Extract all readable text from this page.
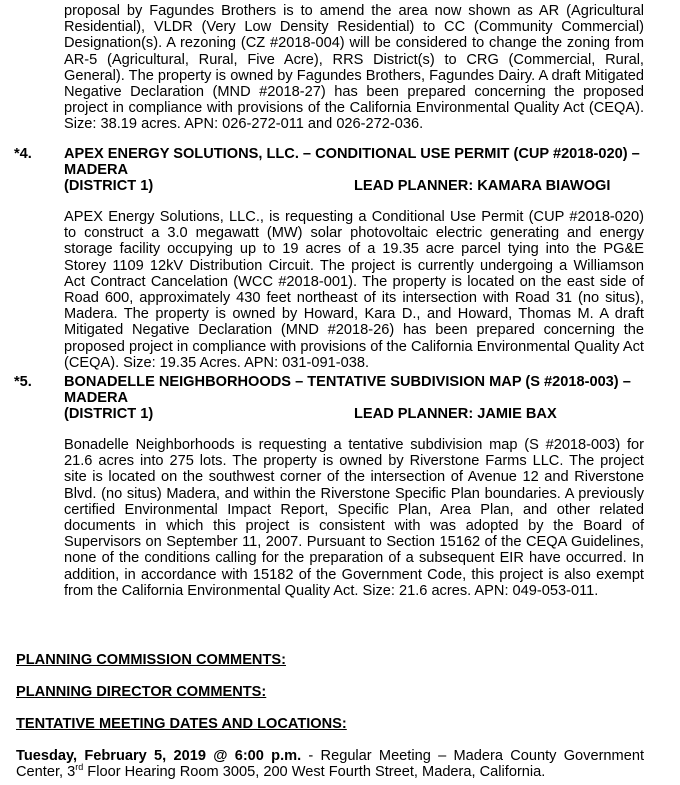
proposal by Fagundes Brothers is to amend the area now shown as AR (Agricultural Residential), VLDR (Very Low Density Residential) to CC (Community Commercial) Designation(s). A rezoning (CZ #2018-004) will be considered to change the zoning from AR-5 (Agricultural, Rural, Five Acre), RRS District(s) to CRG (Commercial, Rural, General). The property is owned by Fagundes Brothers, Fagundes Dairy. A draft Mitigated Negative Declaration (MND #2018-27) has been prepared concerning the proposed project in compliance with provisions of the California Environmental Quality Act (CEQA). Size: 38.19 acres. APN: 026-272-011 and 026-272-036.

*4.	APEX ENERGY SOLUTIONS, LLC. – CONDITIONAL USE PERMIT (CUP #2018-020) – MADERA
(DISTRICT 1)	LEAD PLANNER: KAMARA BIAWOGI

APEX Energy Solutions, LLC., is requesting a Conditional Use Permit (CUP #2018-020) to construct a 3.0 megawatt (MW) solar photovoltaic electric generating and energy storage facility occupying up to 19 acres of a 19.35 acre parcel tying into the PG&E Storey 1109 12kV Distribution Circuit. The project is currently undergoing a Williamson Act Contract Cancelation (WCC #2018-001). The property is located on the east side of Road 600, approximately 430 feet northeast of its intersection with Road 31 (no situs), Madera. The property is owned by Howard, Kara D., and Howard, Thomas M. A draft Mitigated Negative Declaration (MND #2018-26) has been prepared concerning the proposed project in compliance with provisions of the California Environmental Quality Act (CEQA). Size: 19.35 Acres. APN: 031-091-038.

*5.	BONADELLE NEIGHBORHOODS – TENTATIVE SUBDIVISION MAP (S #2018-003) – MADERA
(DISTRICT 1)	LEAD PLANNER: JAMIE BAX

Bonadelle Neighborhoods is requesting a tentative subdivision map (S #2018-003) for 21.6 acres into 275 lots. The property is owned by Riverstone Farms LLC. The project site is located on the southwest corner of the intersection of Avenue 12 and Riverstone Blvd. (no situs) Madera, and within the Riverstone Specific Plan boundaries. A previously certified Environmental Impact Report, Specific Plan, Area Plan, and other related documents in which this project is consistent with was adopted by the Board of Supervisors on September 11, 2007. Pursuant to Section 15162 of the CEQA Guidelines, none of the conditions calling for the preparation of a subsequent EIR have occurred. In addition, in accordance with 15182 of the Government Code, this project is also exempt from the California Environmental Quality Act. Size: 21.6 acres. APN: 049-053-011.

PLANNING COMMISSION COMMENTS:
PLANNING DIRECTOR COMMENTS:
TENTATIVE MEETING DATES AND LOCATIONS:

Tuesday, February 5, 2019 @ 6:00 p.m. - Regular Meeting – Madera County Government Center, 3rd Floor Hearing Room 3005, 200 West Fourth Street, Madera, California.
